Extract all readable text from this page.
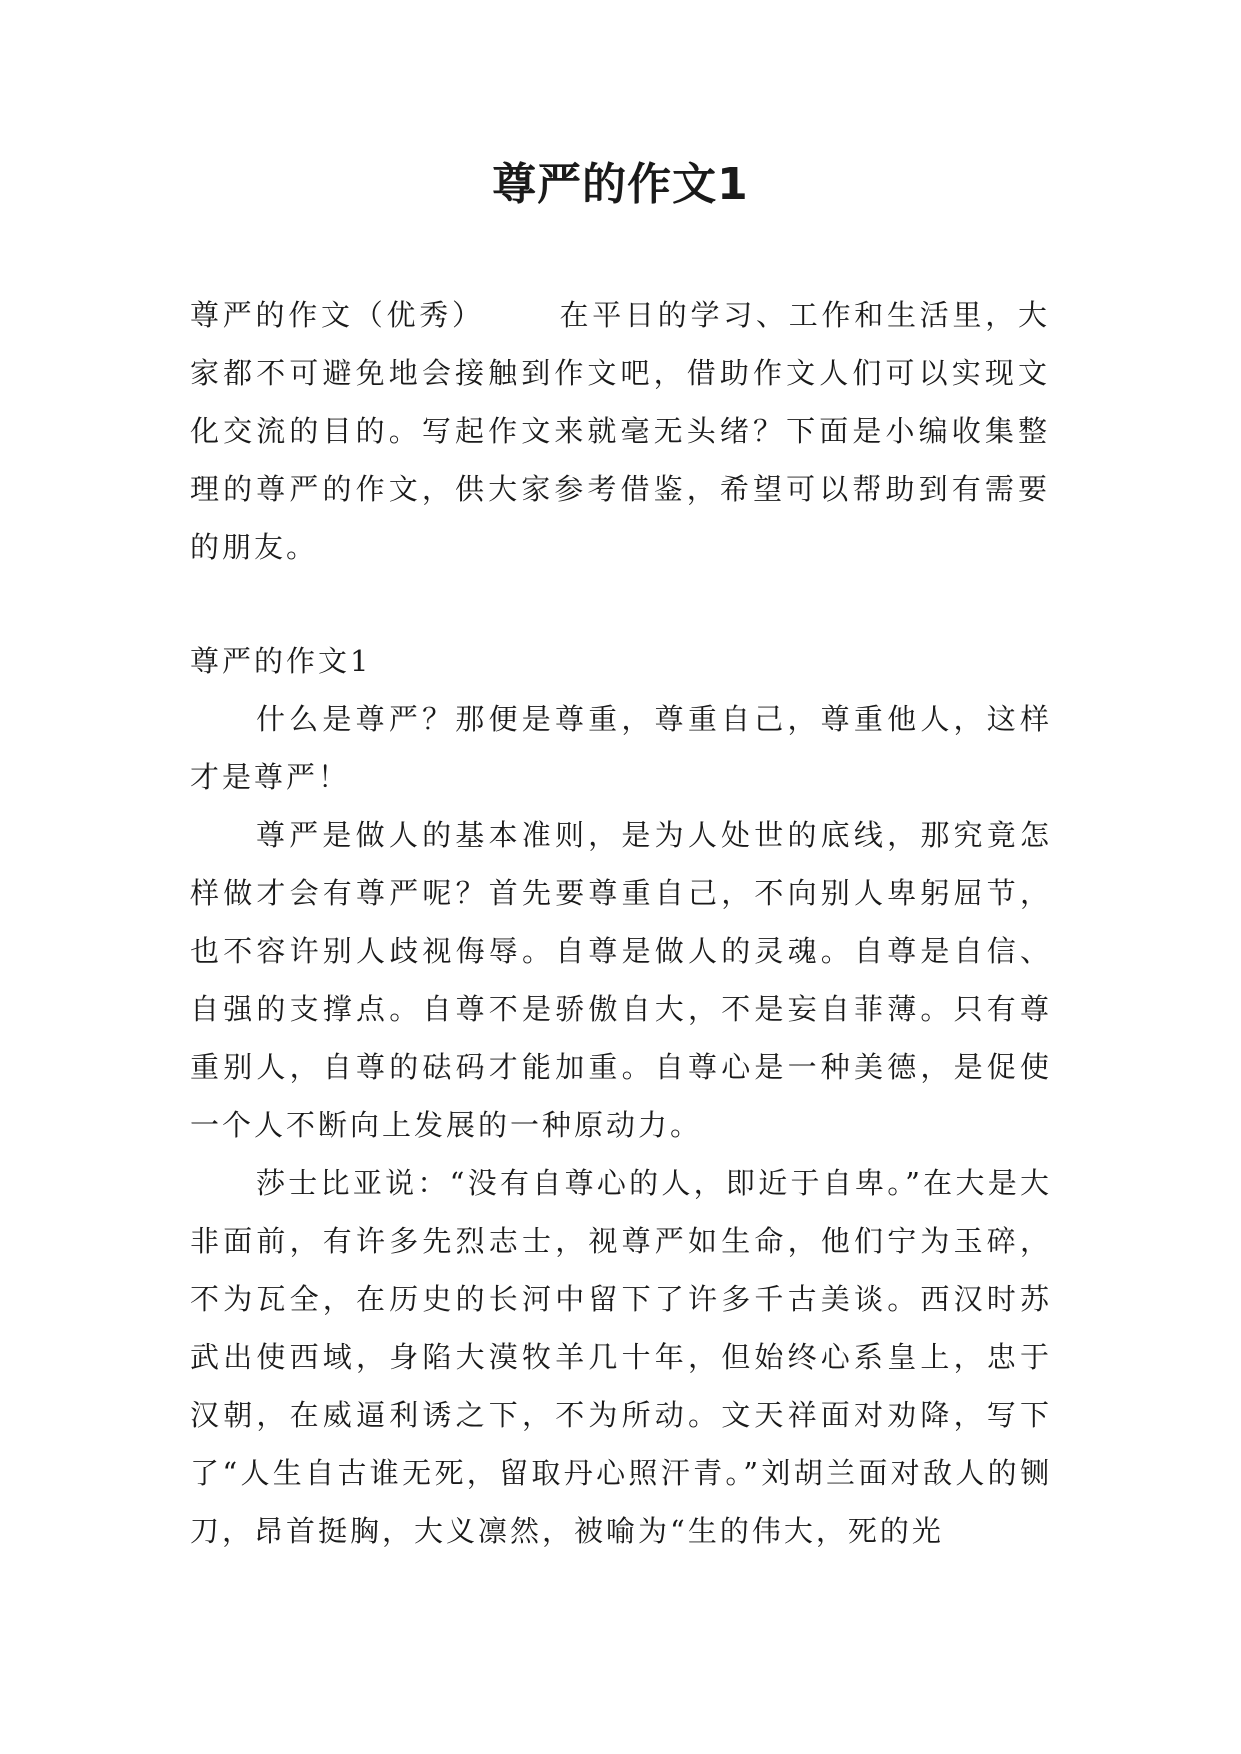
尊严的作文1

尊严的作文（优秀）	在平日的学习、工作和生活里，大家都不可避免地会接触到作文吧，借助作文人们可以实现文化交流的目的。写起作文来就毫无头绪？下面是小编收集整理的尊严的作文，供大家参考借鉴，希望可以帮助到有需要的朋友。

尊严的作文1

什么是尊严？那便是尊重，尊重自己，尊重他人，这样才是尊严！

尊严是做人的基本准则，是为人处世的底线，那究竟怎样做才会有尊严呢？首先要尊重自己，不向别人卑躬屈节，也不容许别人歧视侮辱。自尊是做人的灵魂。自尊是自信、自强的支撑点。自尊不是骄傲自大，不是妄自菲薄。只有尊重别人，自尊的砝码才能加重。自尊心是一种美德，是促使一个人不断向上发展的一种原动力。

莎士比亚说：“没有自尊心的人，即近于自卑。”在大是大非面前，有许多先烈志士，视尊严如生命，他们宁为玉碎，不为瓦全，在历史的长河中留下了许多千古美谈。西汉时苏武出使西域，身陷大漠牧羊几十年，但始终心系皇上，忠于汉朝，在威逼利诱之下，不为所动。文天祥面对劝降，写下了“人生自古谁无死，留取丹心照汗青。”刘胡兰面对敌人的铡刀，昂首挺胸，大义凛然，被喻为“生的伟大，死的光
